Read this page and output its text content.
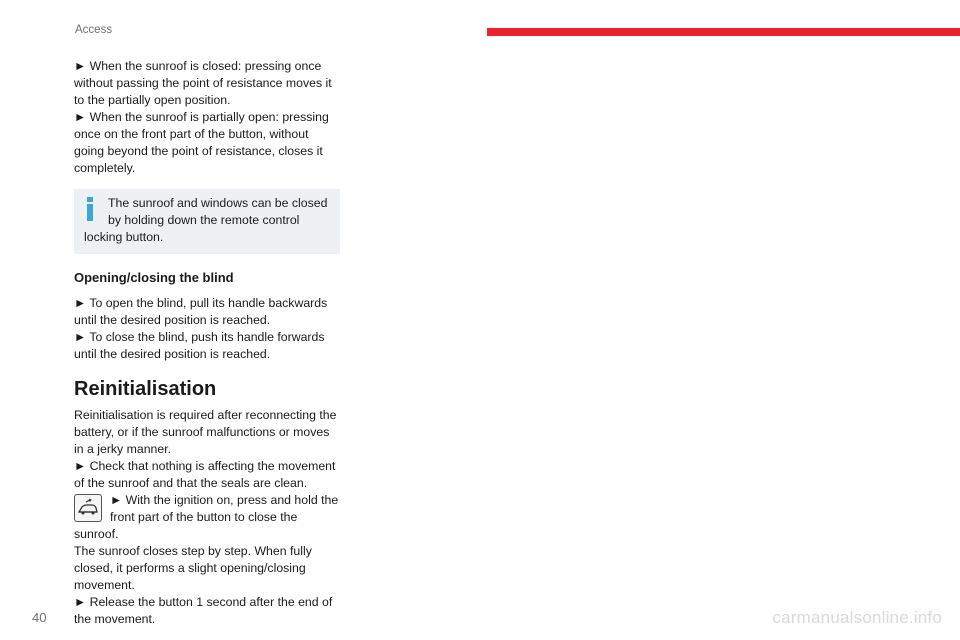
Access

► When the sunroof is closed: pressing once without passing the point of resistance moves it to the partially open position.

► When the sunroof is partially open: pressing once on the front part of the button, without going beyond the point of resistance, closes it completely.

The sunroof and windows can be closed by holding down the remote control locking button.
Opening/closing the blind

► To open the blind, pull its handle backwards until the desired position is reached.

► To close the blind, push its handle forwards until the desired position is reached.

Reinitialisation

Reinitialisation is required after reconnecting the battery, or if the sunroof malfunctions or moves in a jerky manner.

► Check that nothing is affecting the movement of the sunroof and that the seals are clean.

► With the ignition on, press and hold the front part of the button to close the sunroof.

The sunroof closes step by step. When fully closed, it performs a slight opening/closing movement.

► Release the button 1 second after the end of the movement.

40	carmanualsonline.info
